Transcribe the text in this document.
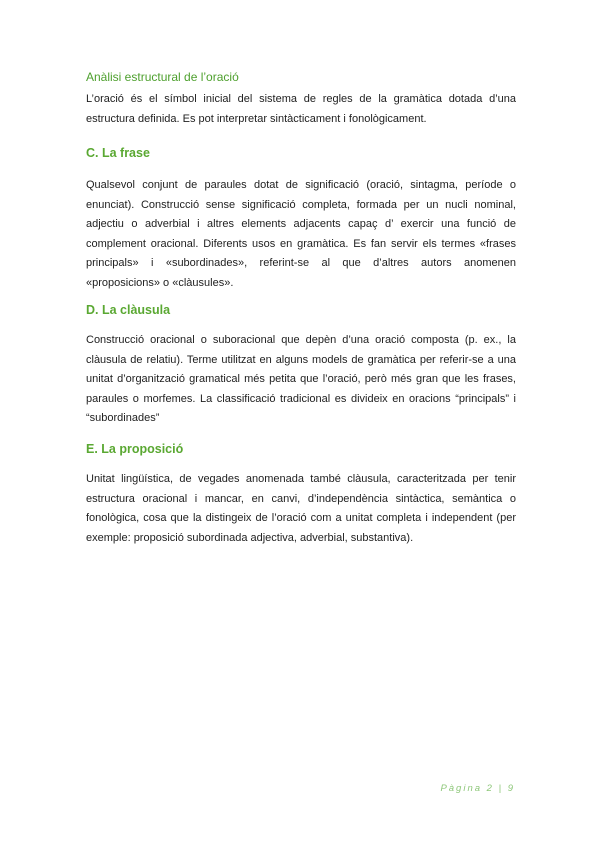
Anàlisi estructural de l’oració

L’oració és el símbol inicial del sistema de regles de la gramàtica dotada d’una estructura definida. Es pot interpretar sintàcticament i fonològicament.

C. La frase

Qualsevol conjunt de paraules dotat de significació (oració, sintagma, període o enunciat). Construcció sense significació completa, formada per un nucli nominal, adjectiu o adverbial i altres elements adjacents capaç d’ exercir una funció de complement oracional. Diferents usos en gramàtica. Es fan servir els termes «frases principals» i «subordinades», referint-se al que d’altres autors anomenen «proposicions» o «clàusules».

D. La clàusula

Construcció oracional o suboracional que depèn d’una oració composta (p. ex., la clàusula de relatiu). Terme utilitzat en alguns models de gramàtica per referir-se a una unitat d’organització gramatical més petita que l’oració, però més gran que les frases, paraules o morfemes. La classificació tradicional es divideix en oracions “principals” i “subordinades”

E. La proposició

Unitat lingüística, de vegades anomenada també clàusula, caracteritzada per tenir estructura oracional i mancar, en canvi, d’independència sintàctica, semàntica o fonològica, cosa que la distingeix de l’oració com a unitat completa i independent (per exemple: proposició subordinada adjectiva, adverbial, substantiva).

Pàgina 2 | 9
